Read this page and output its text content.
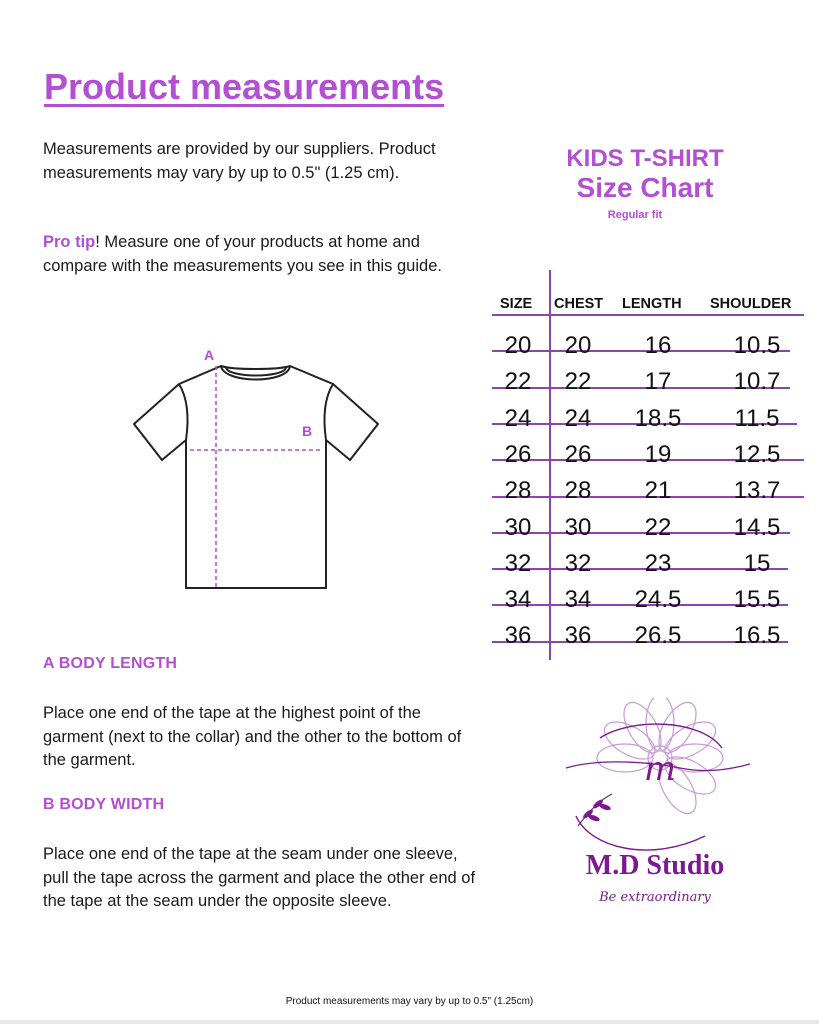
Product measurements

Measurements are provided by our suppliers. Product measurements may vary by up to 0.5" (1.25 cm).

Pro tip! Measure one of your products at home and compare with the measurements you see in this guide.

A
B
A BODY LENGTH

Place one end of the tape at the highest point of the garment (next to the collar) and the other to the bottom of the garment.

B BODY WIDTH

Place one end of the tape at the seam under one sleeve, pull the tape across the garment and place the other end of the tape at the seam under the opposite sleeve.

KIDS T-SHIRT
Size Chart
Regular fit
SIZE CHEST LENGTH SHOULDER
20	20	16	10.5
22	22	17	10.7
24	24	18.5	11.5
26	26	19	12.5
28	28	21	13.7
30	30	22	14.5
32	32	23	15
34	34	24.5	15.5
36	36	26.5	16.5
m
M.D Studio
Be extraordinary
Product measurements may vary by up to 0.5" (1.25cm)
